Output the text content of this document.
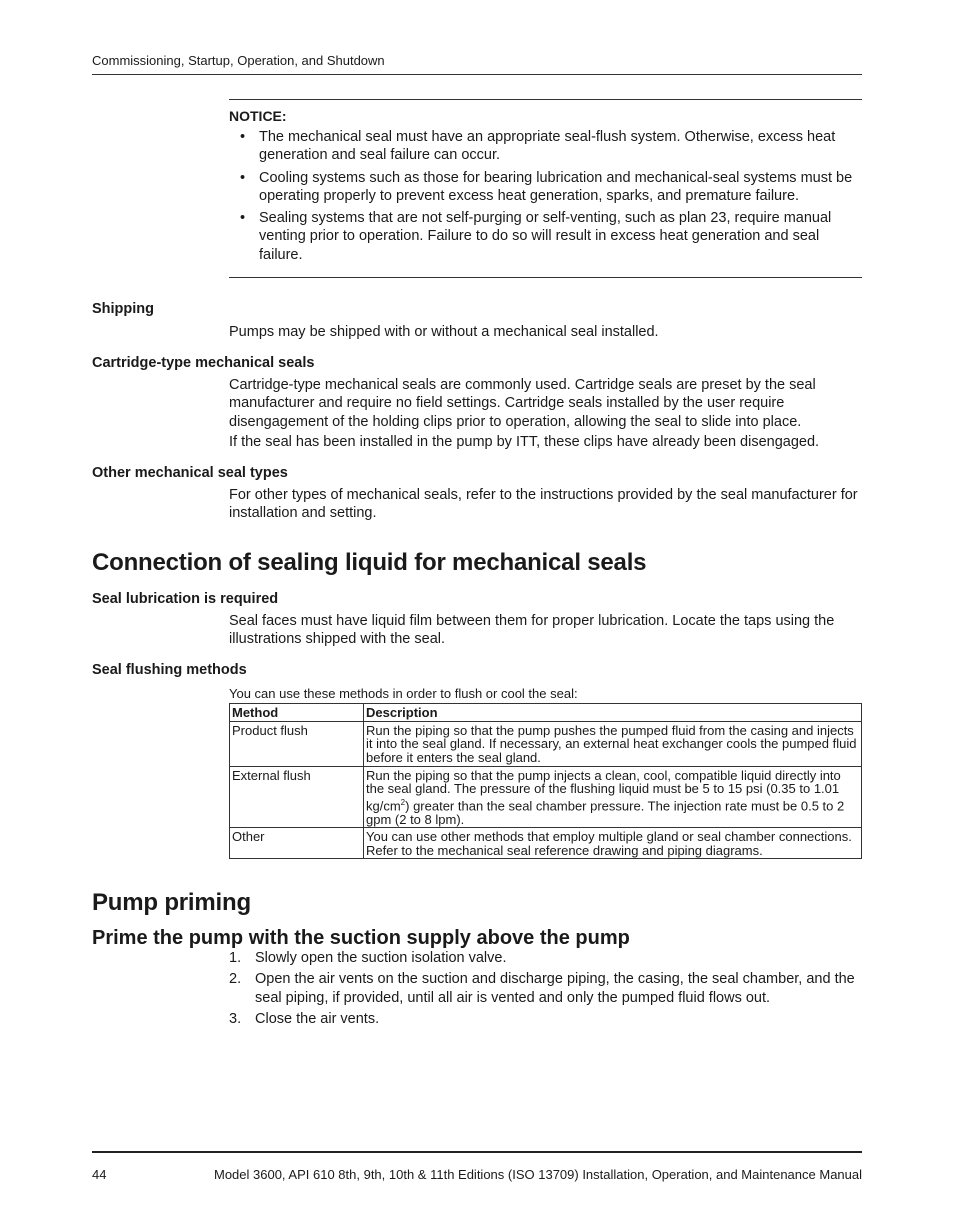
Commissioning, Startup, Operation, and Shutdown
NOTICE:
• The mechanical seal must have an appropriate seal-flush system. Otherwise, excess heat generation and seal failure can occur.
• Cooling systems such as those for bearing lubrication and mechanical-seal systems must be operating properly to prevent excess heat generation, sparks, and premature failure.
• Sealing systems that are not self-purging or self-venting, such as plan 23, require manual venting prior to operation. Failure to do so will result in excess heat generation and seal failure.
Shipping
Pumps may be shipped with or without a mechanical seal installed.
Cartridge-type mechanical seals
Cartridge-type mechanical seals are commonly used. Cartridge seals are preset by the seal manufacturer and require no field settings. Cartridge seals installed by the user require disengagement of the holding clips prior to operation, allowing the seal to slide into place.
If the seal has been installed in the pump by ITT, these clips have already been disengaged.
Other mechanical seal types
For other types of mechanical seals, refer to the instructions provided by the seal manufacturer for installation and setting.
Connection of sealing liquid for mechanical seals
Seal lubrication is required
Seal faces must have liquid film between them for proper lubrication. Locate the taps using the illustrations shipped with the seal.
Seal flushing methods
You can use these methods in order to flush or cool the seal:
Method	Description
Product flush	Run the piping so that the pump pushes the pumped fluid from the casing and injects it into the seal gland. If necessary, an external heat exchanger cools the pumped fluid before it enters the seal gland.
External flush	Run the piping so that the pump injects a clean, cool, compatible liquid directly into the seal gland. The pressure of the flushing liquid must be 5 to 15 psi (0.35 to 1.01 $kg/cm^2$) greater than the seal chamber pressure. The injection rate must be 0.5 to 2 gpm (2 to 8 lpm).
Other	You can use other methods that employ multiple gland or seal chamber connections. Refer to the mechanical seal reference drawing and piping diagrams.
Pump priming
Prime the pump with the suction supply above the pump
1. Slowly open the suction isolation valve.
2. Open the air vents on the suction and discharge piping, the casing, the seal chamber, and the seal piping, if provided, until all air is vented and only the pumped fluid flows out.
3. Close the air vents.
44	Model 3600, API 610 8th, 9th, 10th & 11th Editions (ISO 13709) Installation, Operation, and Maintenance Manual
